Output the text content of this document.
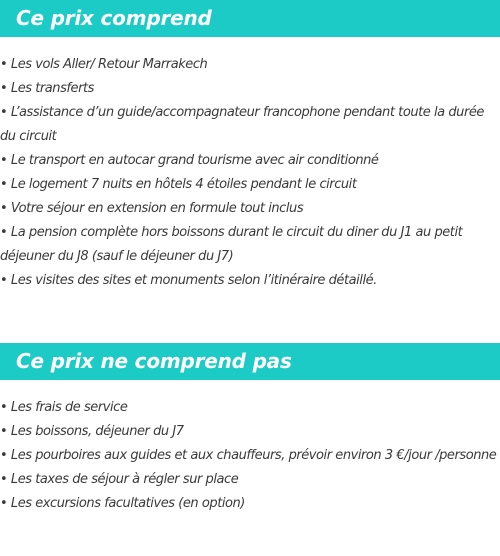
Ce prix comprend
• Les vols Aller/ Retour Marrakech
• Les transferts
• L’assistance d’un guide/accompagnateur francophone pendant toute la durée du circuit
• Le transport en autocar grand tourisme avec air conditionné
• Le logement 7 nuits en hôtels 4 étoiles pendant le circuit
• Votre séjour en extension en formule tout inclus
• La pension complète hors boissons durant le circuit du diner du J1 au petit déjeuner du J8 (sauf le déjeuner du J7)
• Les visites des sites et monuments selon l’itinéraire détaillé.
Ce prix ne comprend pas
• Les frais de service
• Les boissons, déjeuner du J7
• Les pourboires aux guides et aux chauffeurs, prévoir environ 3 €/jour /personne
• Les taxes de séjour à régler sur place
• Les excursions facultatives (en option)
